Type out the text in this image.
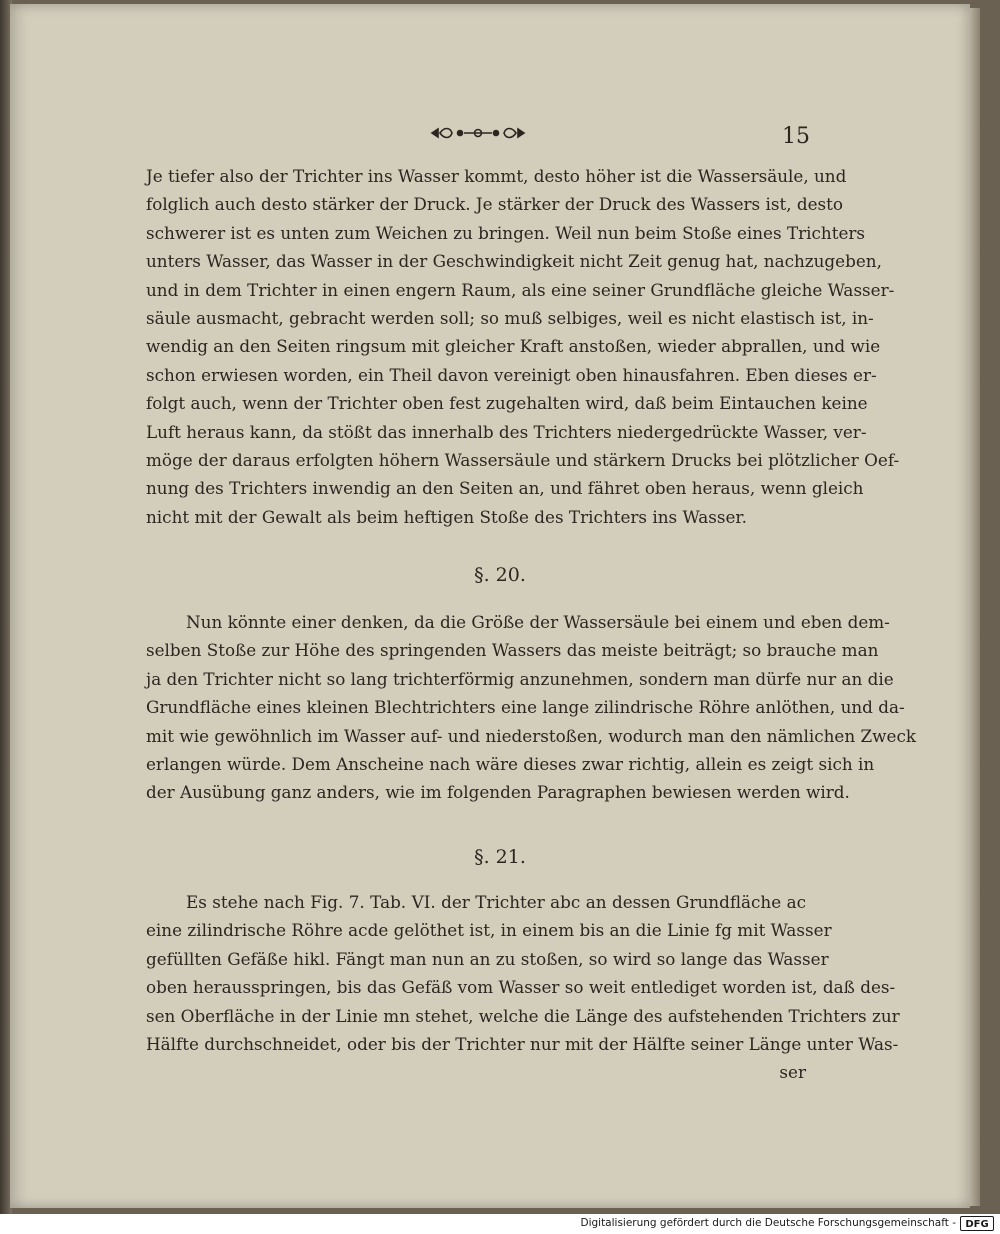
15
Je tiefer also der Trichter ins Wasser kommt, desto höher ist die Wassersäule, und
folglich auch desto stärker der Druck. Je stärker der Druck des Wassers ist, desto
schwerer ist es unten zum Weichen zu bringen. Weil nun beim Stoße eines Trichters
unters Wasser, das Wasser in der Geschwindigkeit nicht Zeit genug hat, nachzugeben,
und in dem Trichter in einen engern Raum, als eine seiner Grundfläche gleiche Wasser-
säule ausmacht, gebracht werden soll; so muß selbiges, weil es nicht elastisch ist, in-
wendig an den Seiten ringsum mit gleicher Kraft anstoßen, wieder abprallen, und wie
schon erwiesen worden, ein Theil davon vereinigt oben hinausfahren. Eben dieses er-
folgt auch, wenn der Trichter oben fest zugehalten wird, daß beim Eintauchen keine
Luft heraus kann, da stößt das innerhalb des Trichters niedergedrückte Wasser, ver-
möge der daraus erfolgten höhern Wassersäule und stärkern Drucks bei plötzlicher Oef-
nung des Trichters inwendig an den Seiten an, und fähret oben heraus, wenn gleich
nicht mit der Gewalt als beim heftigen Stoße des Trichters ins Wasser.
§. 20.
Nun könnte einer denken, da die Größe der Wassersäule bei einem und eben dem-
selben Stoße zur Höhe des springenden Wassers das meiste beiträgt; so brauche man
ja den Trichter nicht so lang trichterförmig anzunehmen, sondern man dürfe nur an die
Grundfläche eines kleinen Blechtrichters eine lange zilindrische Röhre anlöthen, und da-
mit wie gewöhnlich im Wasser auf- und niederstoßen, wodurch man den nämlichen Zweck
erlangen würde. Dem Anscheine nach wäre dieses zwar richtig, allein es zeigt sich in
der Ausübung ganz anders, wie im folgenden Paragraphen bewiesen werden wird.
§. 21.
Es stehe nach Fig. 7. Tab. VI. der Trichter abc an dessen Grundfläche ac
eine zilindrische Röhre acde gelöthet ist, in einem bis an die Linie fg mit Wasser
gefüllten Gefäße hikl. Fängt man nun an zu stoßen, so wird so lange das Wasser
oben herausspringen, bis das Gefäß vom Wasser so weit entlediget worden ist, daß des-
sen Oberfläche in der Linie mn stehet, welche die Länge des aufstehenden Trichters zur
Hälfte durchschneidet, oder bis der Trichter nur mit der Hälfte seiner Länge unter Was-
ser
Digitalisierung gefördert durch die Deutsche Forschungsgemeinschaft - DFG
